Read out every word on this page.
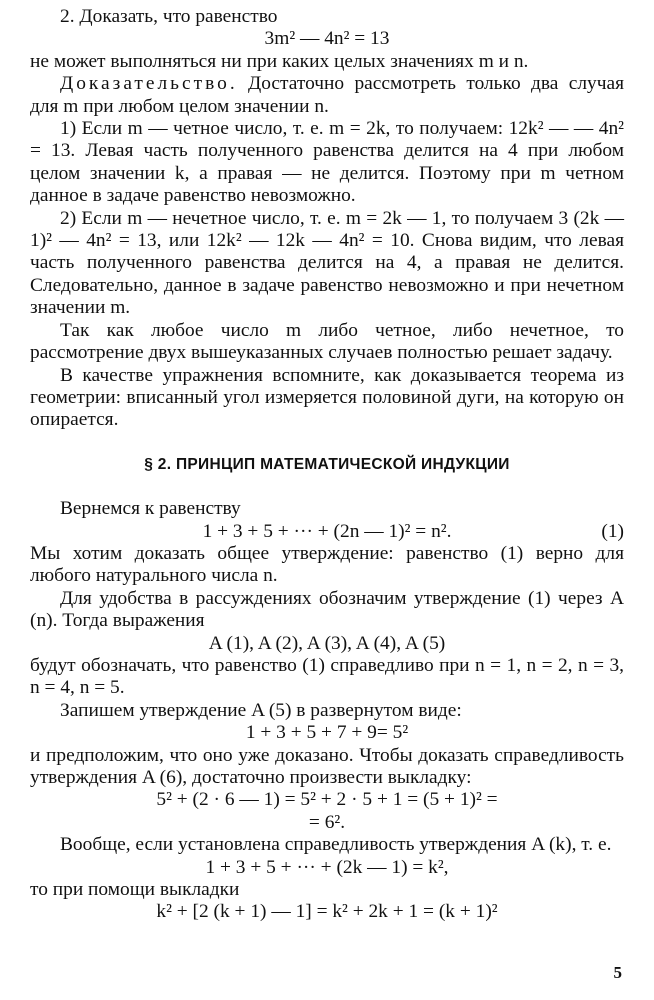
2. Доказать, что равенство

3m² — 4n² = 13

не может выполняться ни при каких целых значениях m и n.

Доказательство. Достаточно рассмотреть только два случая для m при любом целом значении n.

1) Если m — четное число, т. е. m = 2k, то получаем: 12k² — — 4n² = 13. Левая часть полученного равенства делится на 4 при любом целом значении k, а правая — не делится. Поэтому при m четном данное в задаче равенство невозможно.

2) Если m — нечетное число, т. е. m = 2k — 1, то получаем 3 (2k — 1)² — 4n² = 13, или 12k² — 12k — 4n² = 10. Снова видим, что левая часть полученного равенства делится на 4, а правая не делится. Следовательно, данное в задаче равенство невозможно и при нечетном значении m.

Так как любое число m либо четное, либо нечетное, то рассмотрение двух вышеуказанных случаев полностью решает задачу.

В качестве упражнения вспомните, как доказывается теорема из геометрии: вписанный угол измеряется половиной дуги, на которую он опирается.

§ 2. ПРИНЦИП МАТЕМАТИЧЕСКОЙ ИНДУКЦИИ

Вернемся к равенству

1 + 3 + 5 + ··· + (2n — 1)² = n².	(1)

Мы хотим доказать общее утверждение: равенство (1) верно для любого натурального числа n.

Для удобства в рассуждениях обозначим утверждение (1) через A (n). Тогда выражения

A (1), A (2), A (3), A (4), A (5)

будут обозначать, что равенство (1) справедливо при n = 1, n = 2, n = 3, n = 4, n = 5.

Запишем утверждение A (5) в развернутом виде:

1 + 3 + 5 + 7 + 9= 5²

и предположим, что оно уже доказано. Чтобы доказать справедливость утверждения A (6), достаточно произвести выкладку:

5² + (2 · 6 — 1) = 5² + 2 · 5 + 1 = (5 + 1)² =

= 6².

Вообще, если установлена справедливость утверждения A (k), т. е.

1 + 3 + 5 + ··· + (2k — 1) = k²,

то при помощи выкладки

k² + [2 (k + 1) — 1] = k² + 2k + 1 = (k + 1)²

5
